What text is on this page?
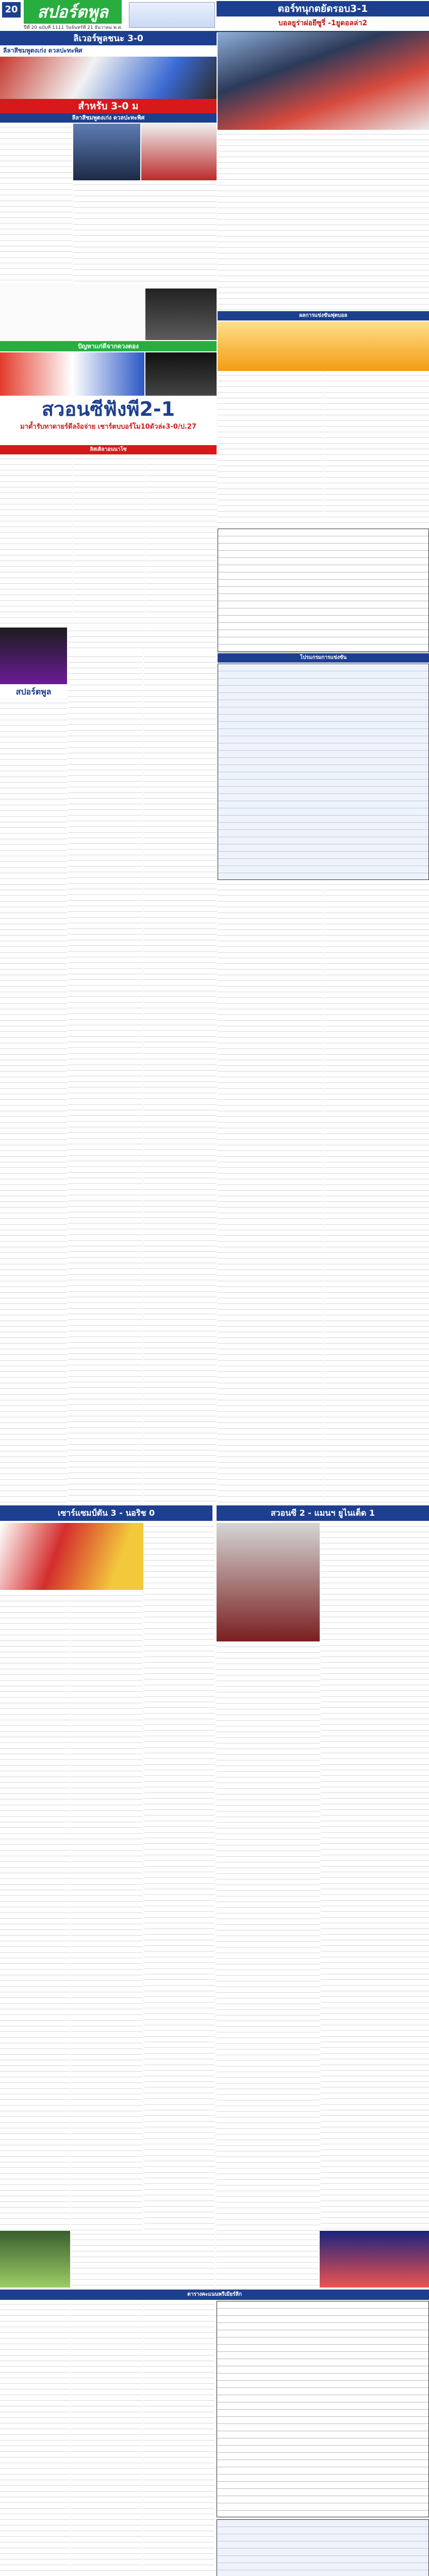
20	สปอร์ตพูล
ปีที่ 20 ฉบับที่ 1111 วันจันทร์ที่ 21 ธันวาคม พ.ศ.
ตอร์ทนุกตยัดรอบ3-1
บอลยูร่าผ่อยีซูรี่ -1ยูดอลล่า2
ลิเวอร์พูลชนะ 3-0
ลีลาสีชมพูตงเก่ง ดวลปะทะพิศ
สำหรับ 3-0 ม
ลีลาสีชมพูตงเก่ง ดวลปะทะพิศ
ผลการแข่งขันฟุตบอล
ปัญหาเเก่ดีจากดวงตอง
สวอนซีฟังพี2-1
มาด้ำรับทาดายร์ดีลง้อจ่าย เชาร์ตบบอร์โม10ดัวล่ะ3-0/ป.27
ลิสเติลาอนนาโซ
สปอร์ตพูล
โปรแกรมการแข่งขัน
เซาร์แซมป์ตัน 3 - นอริช 0	สวอนซี 2 - แมนฯ ยูไนเต็ด 1
ตารางคะแนนพรีเมียร์ลีก
